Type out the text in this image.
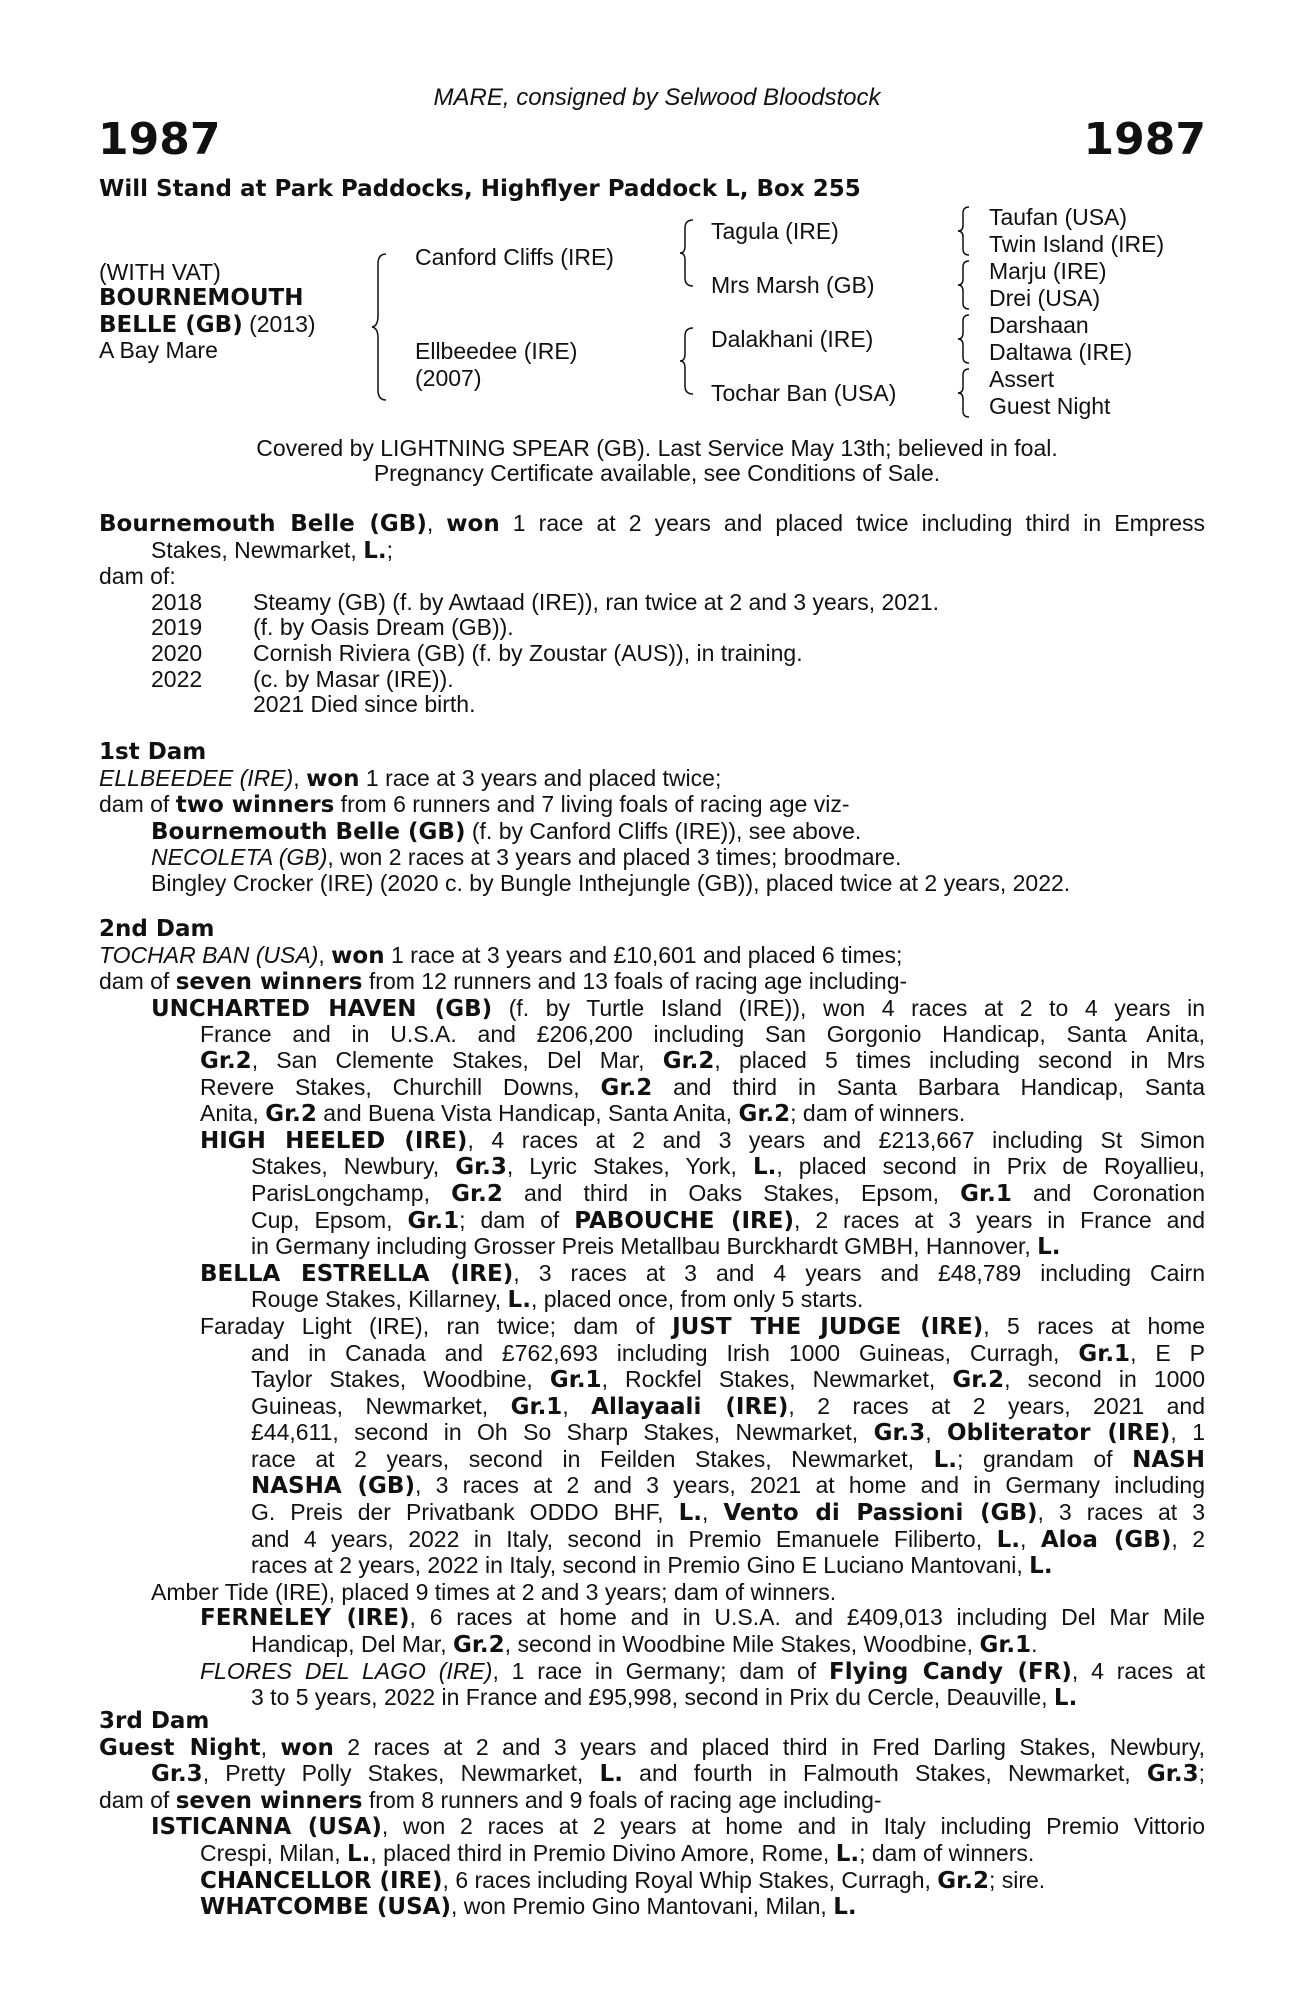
MARE, consigned by Selwood Bloodstock
1987	1987
Will Stand at Park Paddocks, Highflyer Paddock L, Box 255
(WITH VAT)
BOURNEMOUTH
BELLE (GB) (2013)
A Bay Mare
Canford Cliffs (IRE)
Ellbeedee (IRE)
(2007)
Tagula (IRE)
Mrs Marsh (GB)
Dalakhani (IRE)
Tochar Ban (USA)
Taufan (USA)
Twin Island (IRE)
Marju (IRE)
Drei (USA)
Darshaan
Daltawa (IRE)
Assert
Guest Night
Covered by LIGHTNING SPEAR (GB). Last Service May 13th; believed in foal.
Pregnancy Certificate available, see Conditions of Sale.
Bournemouth Belle (GB), won 1 race at 2 years and placed twice including third in Empress
Stakes, Newmarket, L.;
dam of:
2018 Steamy (GB) (f. by Awtaad (IRE)), ran twice at 2 and 3 years, 2021.
2019 (f. by Oasis Dream (GB)).
2020 Cornish Riviera (GB) (f. by Zoustar (AUS)), in training.
2022 (c. by Masar (IRE)).
2021 Died since birth.
1st Dam
ELLBEEDEE (IRE), won 1 race at 3 years and placed twice;
dam of two winners from 6 runners and 7 living foals of racing age viz-
Bournemouth Belle (GB) (f. by Canford Cliffs (IRE)), see above.
NECOLETA (GB), won 2 races at 3 years and placed 3 times; broodmare.
Bingley Crocker (IRE) (2020 c. by Bungle Inthejungle (GB)), placed twice at 2 years, 2022.
2nd Dam
TOCHAR BAN (USA), won 1 race at 3 years and £10,601 and placed 6 times;
dam of seven winners from 12 runners and 13 foals of racing age including-
UNCHARTED HAVEN (GB) (f. by Turtle Island (IRE)), won 4 races at 2 to 4 years in
France and in U.S.A. and £206,200 including San Gorgonio Handicap, Santa Anita,
Gr.2, San Clemente Stakes, Del Mar, Gr.2, placed 5 times including second in Mrs
Revere Stakes, Churchill Downs, Gr.2 and third in Santa Barbara Handicap, Santa
Anita, Gr.2 and Buena Vista Handicap, Santa Anita, Gr.2; dam of winners.
HIGH HEELED (IRE), 4 races at 2 and 3 years and £213,667 including St Simon
Stakes, Newbury, Gr.3, Lyric Stakes, York, L., placed second in Prix de Royallieu,
ParisLongchamp, Gr.2 and third in Oaks Stakes, Epsom, Gr.1 and Coronation
Cup, Epsom, Gr.1; dam of PABOUCHE (IRE), 2 races at 3 years in France and
in Germany including Grosser Preis Metallbau Burckhardt GMBH, Hannover, L.
BELLA ESTRELLA (IRE), 3 races at 3 and 4 years and £48,789 including Cairn
Rouge Stakes, Killarney, L., placed once, from only 5 starts.
Faraday Light (IRE), ran twice; dam of JUST THE JUDGE (IRE), 5 races at home
and in Canada and £762,693 including Irish 1000 Guineas, Curragh, Gr.1, E P
Taylor Stakes, Woodbine, Gr.1, Rockfel Stakes, Newmarket, Gr.2, second in 1000
Guineas, Newmarket, Gr.1, Allayaali (IRE), 2 races at 2 years, 2021 and
£44,611, second in Oh So Sharp Stakes, Newmarket, Gr.3, Obliterator (IRE), 1
race at 2 years, second in Feilden Stakes, Newmarket, L.; grandam of NASH
NASHA (GB), 3 races at 2 and 3 years, 2021 at home and in Germany including
G. Preis der Privatbank ODDO BHF, L., Vento di Passioni (GB), 3 races at 3
and 4 years, 2022 in Italy, second in Premio Emanuele Filiberto, L., Aloa (GB), 2
races at 2 years, 2022 in Italy, second in Premio Gino E Luciano Mantovani, L.
Amber Tide (IRE), placed 9 times at 2 and 3 years; dam of winners.
FERNELEY (IRE), 6 races at home and in U.S.A. and £409,013 including Del Mar Mile
Handicap, Del Mar, Gr.2, second in Woodbine Mile Stakes, Woodbine, Gr.1.
FLORES DEL LAGO (IRE), 1 race in Germany; dam of Flying Candy (FR), 4 races at
3 to 5 years, 2022 in France and £95,998, second in Prix du Cercle, Deauville, L.
3rd Dam
Guest Night, won 2 races at 2 and 3 years and placed third in Fred Darling Stakes, Newbury,
Gr.3, Pretty Polly Stakes, Newmarket, L. and fourth in Falmouth Stakes, Newmarket, Gr.3;
dam of seven winners from 8 runners and 9 foals of racing age including-
ISTICANNA (USA), won 2 races at 2 years at home and in Italy including Premio Vittorio
Crespi, Milan, L., placed third in Premio Divino Amore, Rome, L.; dam of winners.
CHANCELLOR (IRE), 6 races including Royal Whip Stakes, Curragh, Gr.2; sire.
WHATCOMBE (USA), won Premio Gino Mantovani, Milan, L.
